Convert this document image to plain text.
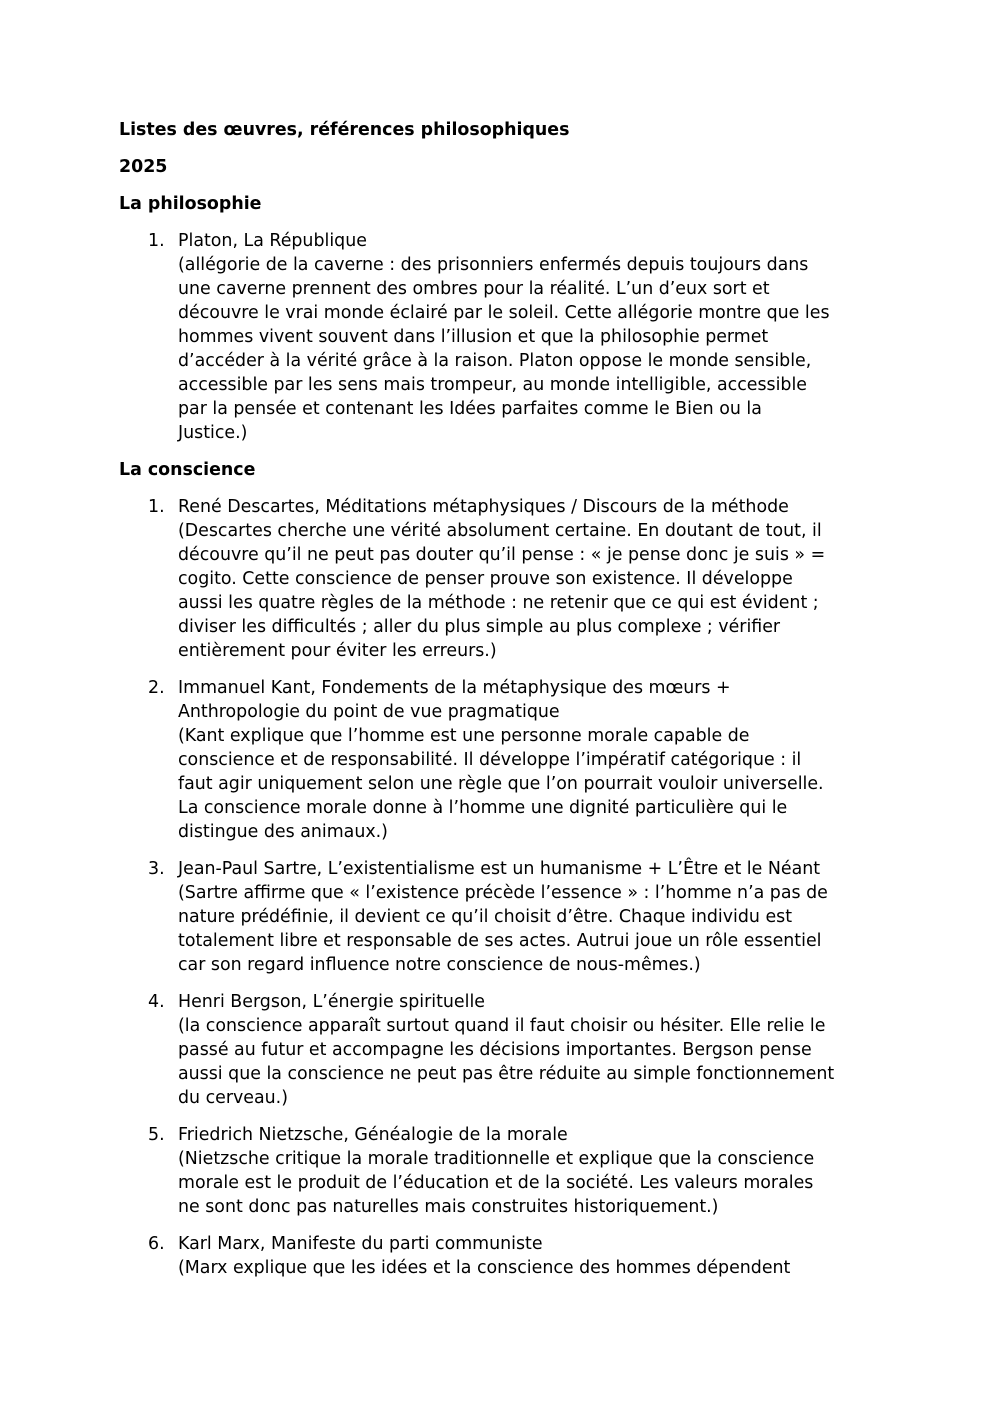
Listes des œuvres, références philosophiques

2025

La philosophie

1. Platon, La République
(allégorie de la caverne : des prisonniers enfermés depuis toujours dans
une caverne prennent des ombres pour la réalité. L’un d’eux sort et
découvre le vrai monde éclairé par le soleil. Cette allégorie montre que les
hommes vivent souvent dans l’illusion et que la philosophie permet
d’accéder à la vérité grâce à la raison. Platon oppose le monde sensible,
accessible par les sens mais trompeur, au monde intelligible, accessible
par la pensée et contenant les Idées parfaites comme le Bien ou la
Justice.)

La conscience

1. René Descartes, Méditations métaphysiques / Discours de la méthode
(Descartes cherche une vérité absolument certaine. En doutant de tout, il
découvre qu’il ne peut pas douter qu’il pense : « je pense donc je suis » =
cogito. Cette conscience de penser prouve son existence. Il développe
aussi les quatre règles de la méthode : ne retenir que ce qui est évident ;
diviser les difficultés ; aller du plus simple au plus complexe ; vérifier
entièrement pour éviter les erreurs.)
2. Immanuel Kant, Fondements de la métaphysique des mœurs +
Anthropologie du point de vue pragmatique
(Kant explique que l’homme est une personne morale capable de
conscience et de responsabilité. Il développe l’impératif catégorique : il
faut agir uniquement selon une règle que l’on pourrait vouloir universelle.
La conscience morale donne à l’homme une dignité particulière qui le
distingue des animaux.)
3. Jean-Paul Sartre, L’existentialisme est un humanisme + L’Être et le Néant
(Sartre affirme que « l’existence précède l’essence » : l’homme n’a pas de
nature prédéfinie, il devient ce qu’il choisit d’être. Chaque individu est
totalement libre et responsable de ses actes. Autrui joue un rôle essentiel
car son regard influence notre conscience de nous-mêmes.)
4. Henri Bergson, L’énergie spirituelle
(la conscience apparaît surtout quand il faut choisir ou hésiter. Elle relie le
passé au futur et accompagne les décisions importantes. Bergson pense
aussi que la conscience ne peut pas être réduite au simple fonctionnement
du cerveau.)
5. Friedrich Nietzsche, Généalogie de la morale
(Nietzsche critique la morale traditionnelle et explique que la conscience
morale est le produit de l’éducation et de la société. Les valeurs morales
ne sont donc pas naturelles mais construites historiquement.)
6. Karl Marx, Manifeste du parti communiste
(Marx explique que les idées et la conscience des hommes dépendent
